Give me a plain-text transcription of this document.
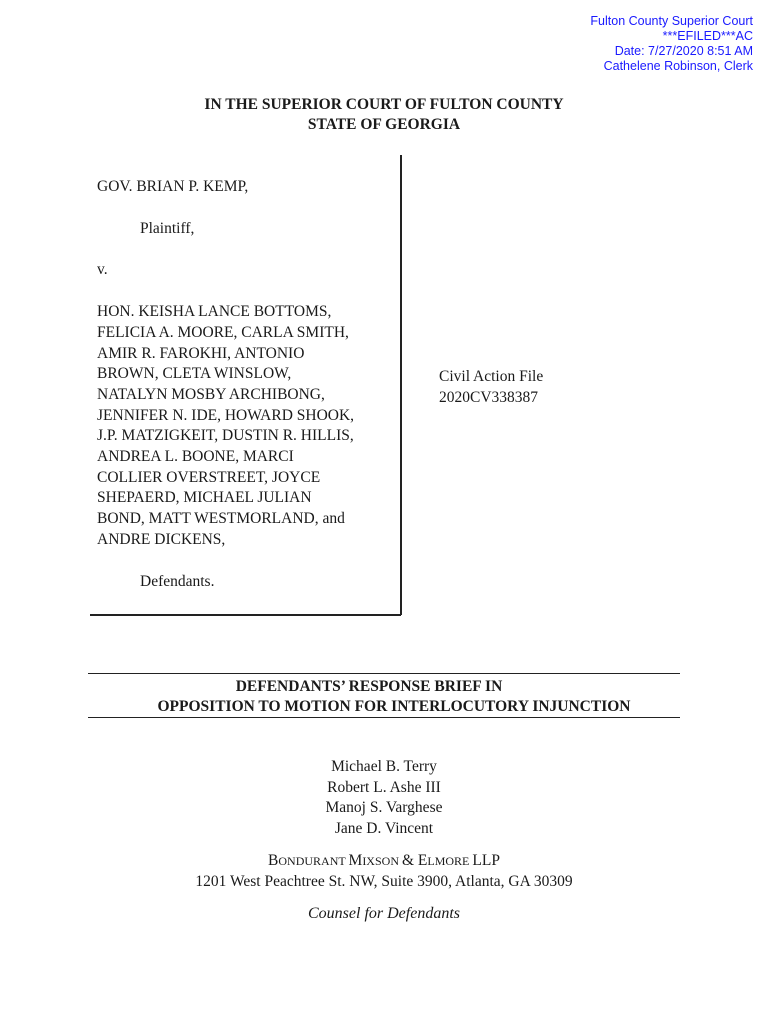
Fulton County Superior Court
***EFILED***AC
Date: 7/27/2020 8:51 AM
Cathelene Robinson, Clerk
IN THE SUPERIOR COURT OF FULTON COUNTY
STATE OF GEORGIA

GOV. BRIAN P. KEMP,

Plaintiff,

v.

HON. KEISHA LANCE BOTTOMS,

FELICIA A. MOORE, CARLA SMITH,

AMIR R. FAROKHI, ANTONIO

BROWN, CLETA WINSLOW,

NATALYN MOSBY ARCHIBONG,

JENNIFER N. IDE, HOWARD SHOOK,

J.P. MATZIGKEIT, DUSTIN R. HILLIS,

ANDREA L. BOONE, MARCI

COLLIER OVERSTREET, JOYCE

SHEPAERD, MICHAEL JULIAN

BOND, MATT WESTMORLAND, and

ANDRE DICKENS,

Defendants.

Civil Action File
2020CV338387
DEFENDANTS’ RESPONSE BRIEF IN
OPPOSITION TO MOTION FOR INTERLOCUTORY INJUNCTION

Michael B. Terry

Robert L. Ashe III

Manoj S. Varghese

Jane D. Vincent

BONDURANT MIXSON & ELMORE LLP

1201 West Peachtree St. NW, Suite 3900, Atlanta, GA 30309

Counsel for Defendants
